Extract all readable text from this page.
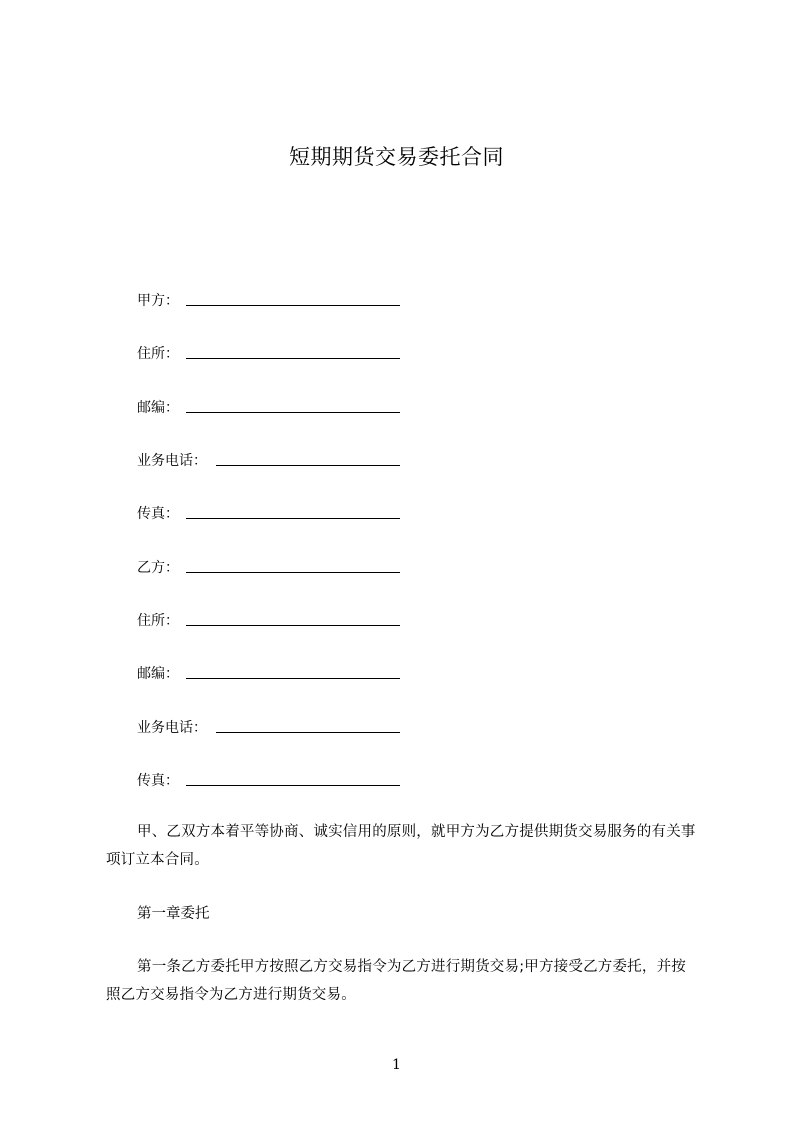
短期期货交易委托合同
甲方：
住所：
邮编：
业务电话：
传真：
乙方：
住所：
邮编：
业务电话：
传真：
甲、乙双方本着平等协商、诚实信用的原则，就甲方为乙方提供期货交易服务的有关事项订立本合同。
第一章委托
第一条乙方委托甲方按照乙方交易指令为乙方进行期货交易;甲方接受乙方委托，并按照乙方交易指令为乙方进行期货交易。
1
